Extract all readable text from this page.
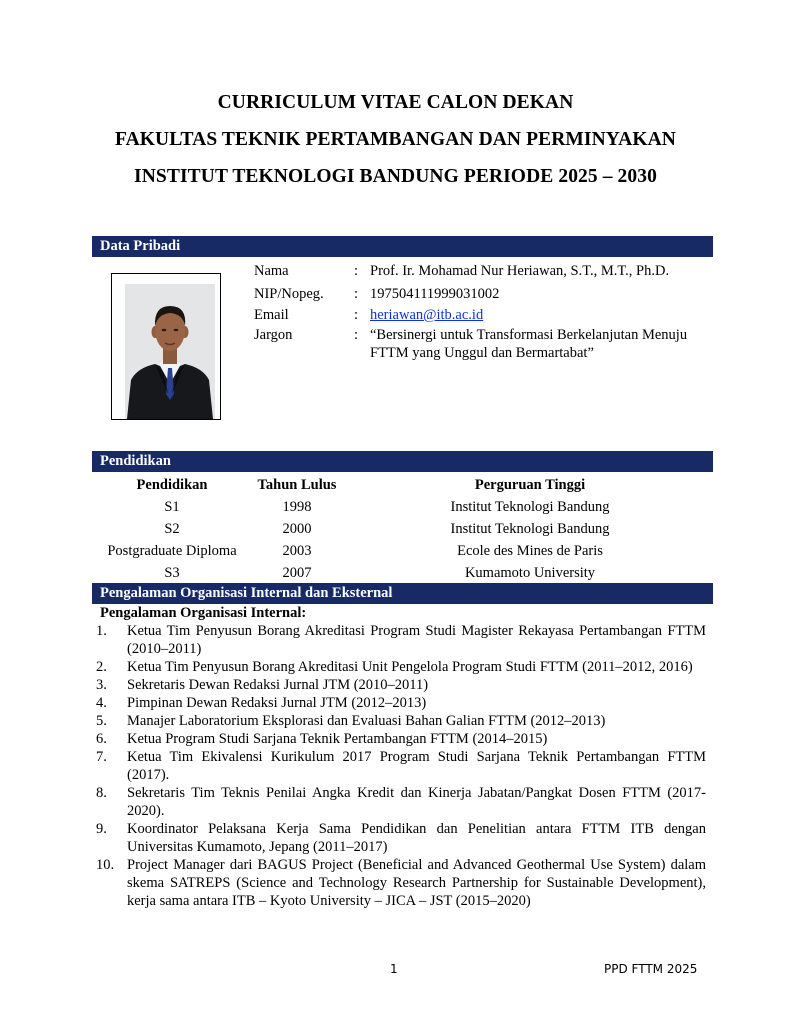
CURRICULUM VITAE CALON DEKAN
FAKULTAS TEKNIK PERTAMBANGAN DAN PERMINYAKAN
INSTITUT TEKNOLOGI BANDUNG PERIODE 2025 – 2030
Data Pribadi
Nama	: Prof. Ir. Mohamad Nur Heriawan, S.T., M.T., Ph.D.
NIP/Nopeg. : 197504111999031002
Email	: heriawan@itb.ac.id
Jargon	: “Bersinergi untuk Transformasi Berkelanjutan Menuju FTTM yang Unggul dan Bermartabat”
Pendidikan
Pendidikan	Tahun Lulus	Perguruan Tinggi
S1	1998	Institut Teknologi Bandung
S2	2000	Institut Teknologi Bandung
Postgraduate Diploma	2003	Ecole des Mines de Paris
S3	2007	Kumamoto University
Pengalaman Organisasi Internal dan Eksternal
Pengalaman Organisasi Internal:
1.	Ketua Tim Penyusun Borang Akreditasi Program Studi Magister Rekayasa Pertambangan FTTM (2010–2011)
2.	Ketua Tim Penyusun Borang Akreditasi Unit Pengelola Program Studi FTTM (2011–2012, 2016)
3.	Sekretaris Dewan Redaksi Jurnal JTM (2010–2011)
4.	Pimpinan Dewan Redaksi Jurnal JTM (2012–2013)
5.	Manajer Laboratorium Eksplorasi dan Evaluasi Bahan Galian FTTM (2012–2013)
6.	Ketua Program Studi Sarjana Teknik Pertambangan FTTM (2014–2015)
7.	Ketua Tim Ekivalensi Kurikulum 2017 Program Studi Sarjana Teknik Pertambangan FTTM (2017).
8.	Sekretaris Tim Teknis Penilai Angka Kredit dan Kinerja Jabatan/Pangkat Dosen FTTM (2017-2020).
9.	Koordinator Pelaksana Kerja Sama Pendidikan dan Penelitian antara FTTM ITB dengan Universitas Kumamoto, Jepang (2011–2017)
10. Project Manager dari BAGUS Project (Beneficial and Advanced Geothermal Use System) dalam skema SATREPS (Science and Technology Research Partnership for Sustainable Development), kerja sama antara ITB – Kyoto University – JICA – JST (2015–2020)
1	PPD FTTM 2025
